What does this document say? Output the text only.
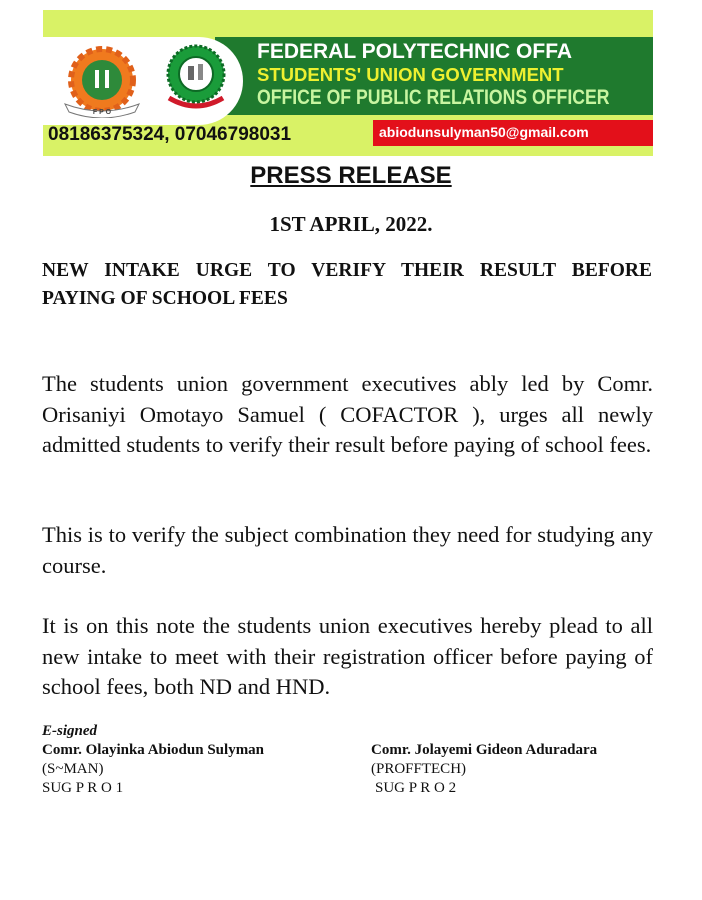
F P O
FEDERAL POLYTECHNIC OFFA
STUDENTS' UNION GOVERNMENT
OFFICE OF PUBLIC RELATIONS OFFICER
08186375324, 07046798031	abiodunsulyman50@gmail.com
PRESS RELEASE
1ST APRIL, 2022.
NEW INTAKE URGE TO VERIFY THEIR RESULT BEFORE PAYING OF SCHOOL FEES
The students union government executives ably led by Comr. Orisaniyi Omotayo Samuel ( COFACTOR ), urges all newly admitted students to verify their result before paying of school fees.
This is to verify the subject combination they need for studying any course.
It is on this note the students union executives hereby plead to all new intake to meet with their registration officer before paying of school fees, both ND and HND.
E-signed
Comr. Olayinka Abiodun Sulyman
(S~MAN)
SUG P R O 1
Comr. Jolayemi Gideon Aduradara
(PROFFTECH)
SUG P R O 2
